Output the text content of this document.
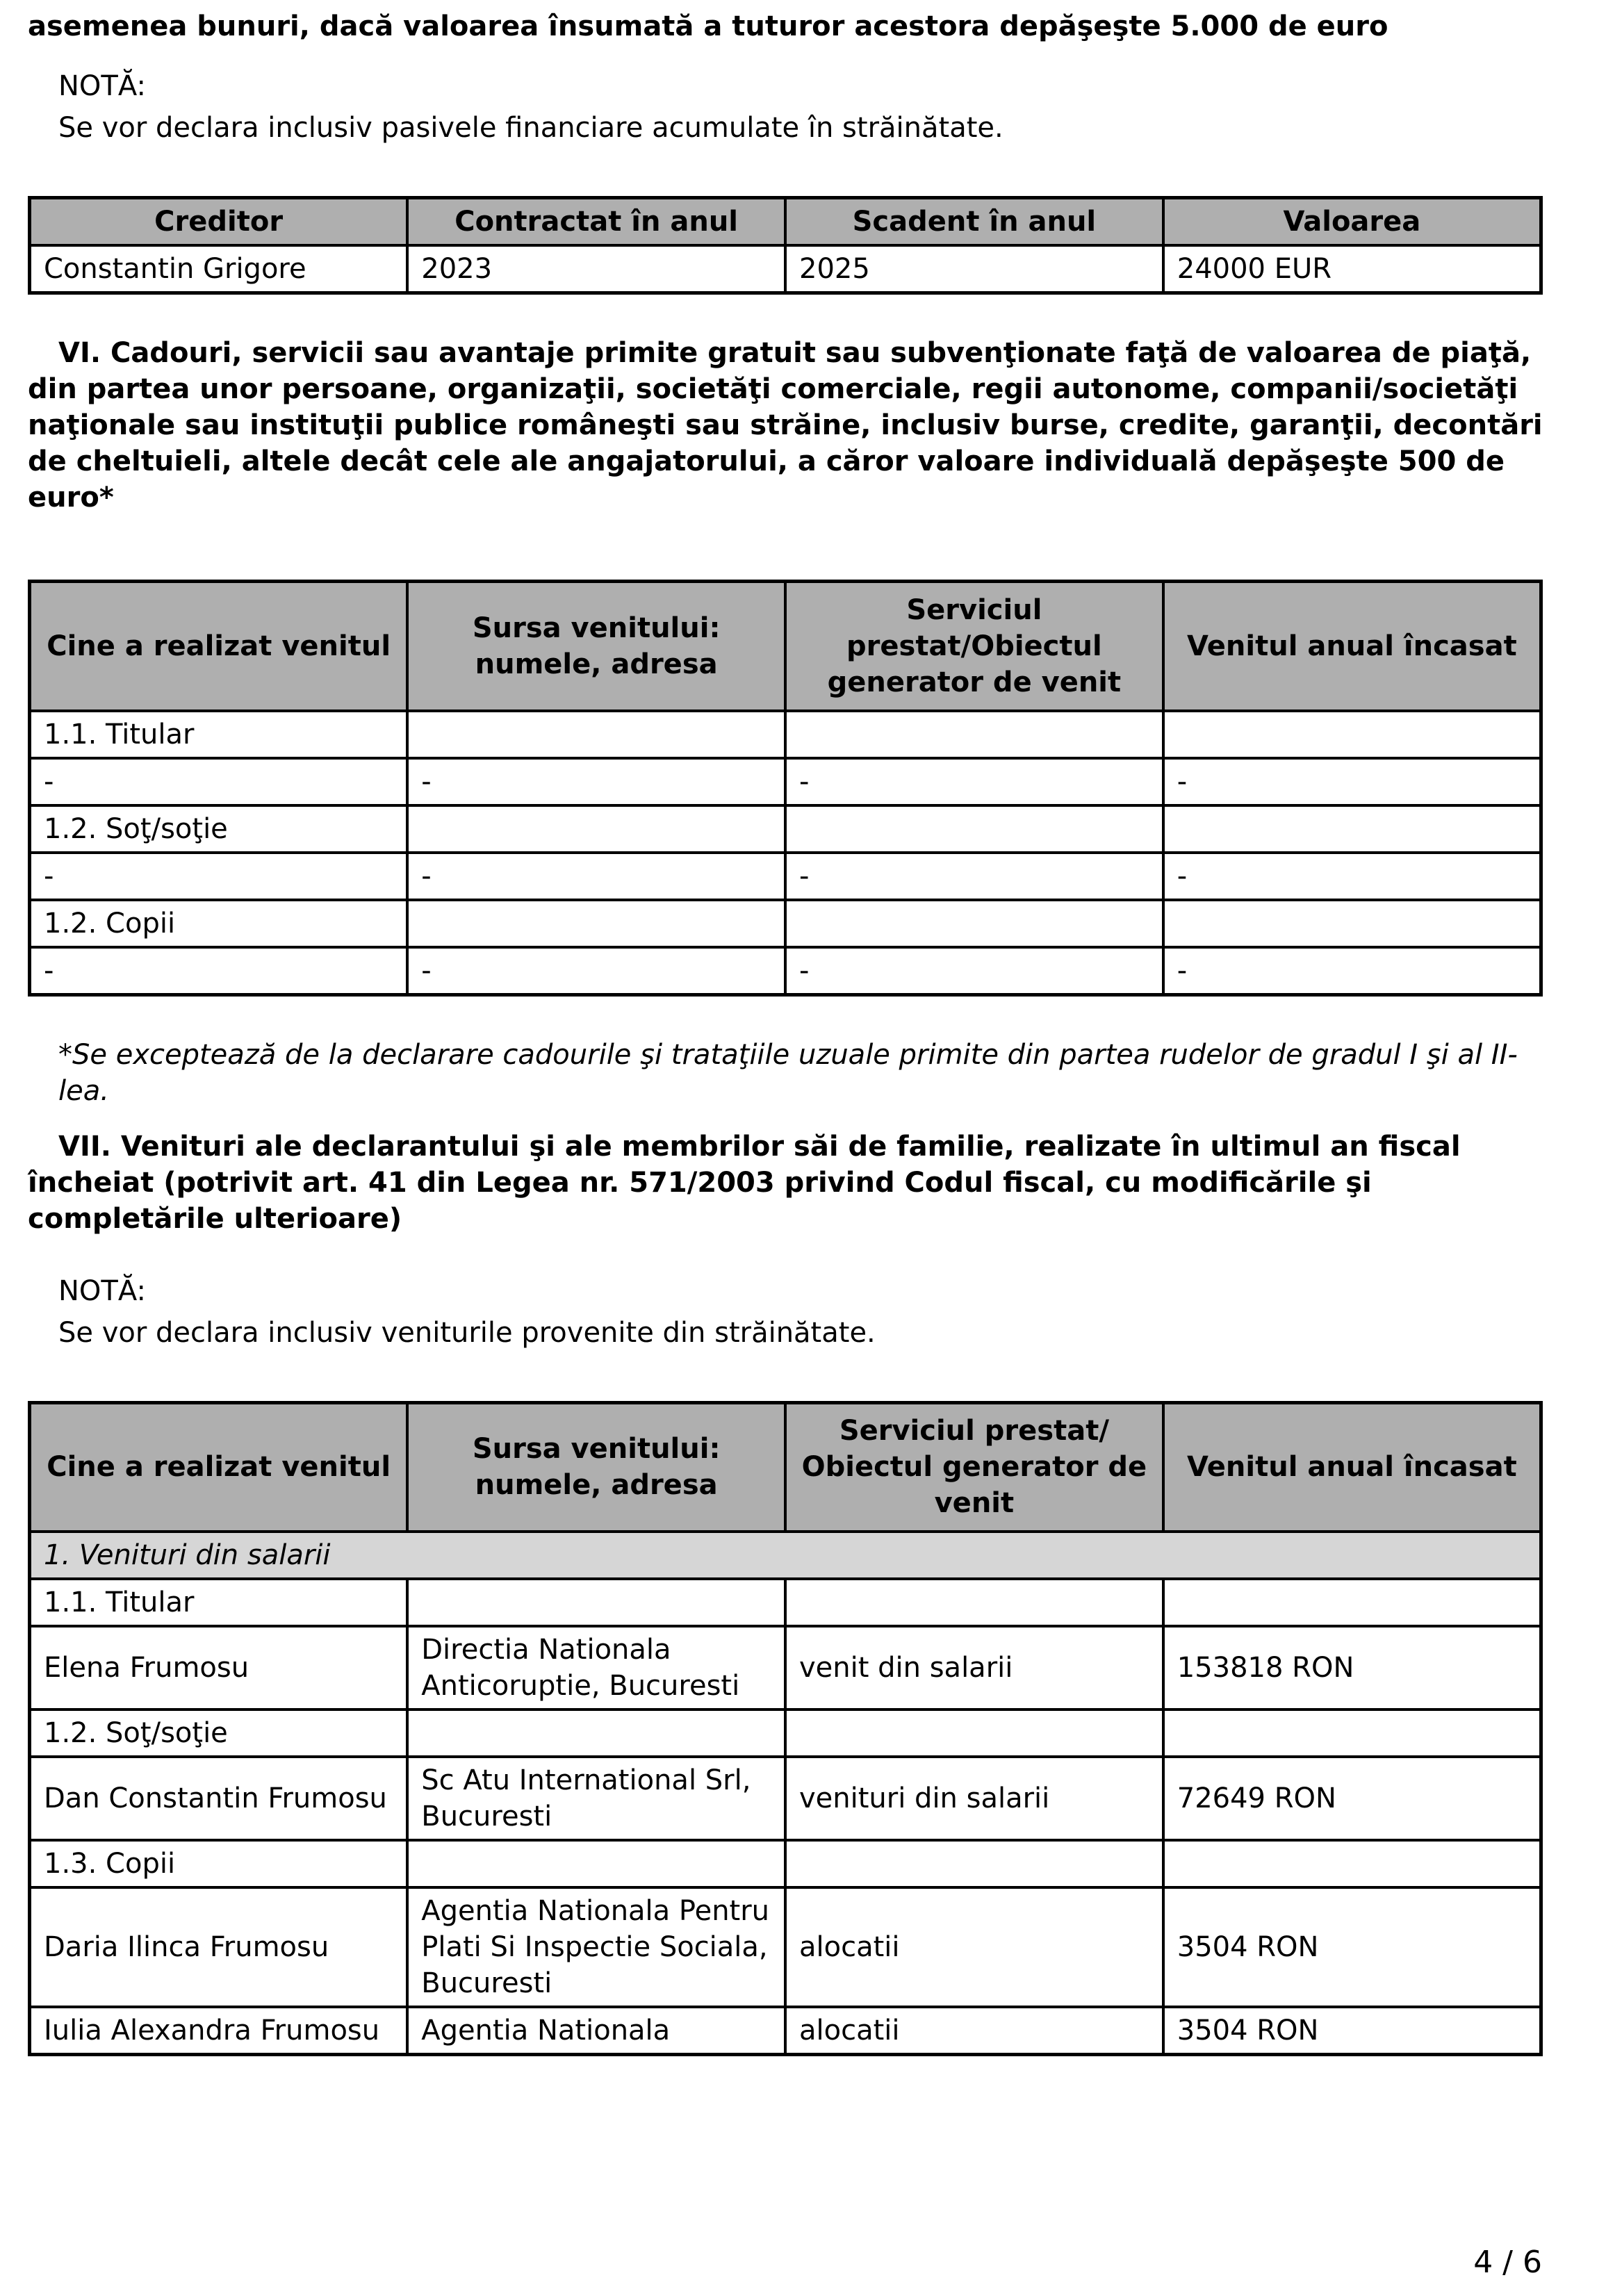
asemenea bunuri, dacă valoarea însumată a tuturor acestora depăşeşte 5.000 de euro

NOTĂ:

Se vor declara inclusiv pasivele financiare acumulate în străinătate.

Creditor	Contractat în anul	Scadent în anul	Valoarea
Constantin Grigore	2023	2025	24000 EUR

VI. Cadouri, servicii sau avantaje primite gratuit sau subvenţionate faţă de valoarea de piaţă, din partea unor persoane, organizaţii, societăţi comerciale, regii autonome, companii/societăţi naţionale sau instituţii publice româneşti sau străine, inclusiv burse, credite, garanţii, decontări de cheltuieli, altele decât cele ale angajatorului, a căror valoare individuală depăşeşte 500 de euro*

Cine a realizat venitul	Sursa venitului: numele, adresa	Serviciul prestat/Obiectul generator de venit	Venitul anual încasat
1.1. Titular			
-	-	-	-
1.2. Soţ/soţie			
-	-	-	-
1.2. Copii			
-	-	-	-

*Se exceptează de la declarare cadourile şi trataţiile uzuale primite din partea rudelor de gradul I şi al II-lea.

VII. Venituri ale declarantului şi ale membrilor săi de familie, realizate în ultimul an fiscal încheiat (potrivit art. 41 din Legea nr. 571/2003 privind Codul fiscal, cu modificările şi completările ulterioare)

NOTĂ:

Se vor declara inclusiv veniturile provenite din străinătate.

Cine a realizat venitul	Sursa venitului: numele, adresa	Serviciul prestat/ Obiectul generator de venit	Venitul anual încasat
1. Venituri din salarii			
1.1. Titular			
Elena Frumosu	Directia Nationala Anticoruptie, Bucuresti	venit din salarii	153818 RON
1.2. Soţ/soţie			
Dan Constantin Frumosu	Sc Atu International Srl, Bucuresti	venituri din salarii	72649 RON
1.3. Copii			
Daria Ilinca Frumosu	Agentia Nationala Pentru Plati Si Inspectie Sociala, Bucuresti	alocatii	3504 RON
Iulia Alexandra Frumosu	Agentia Nationala	alocatii	3504 RON
4 / 6
